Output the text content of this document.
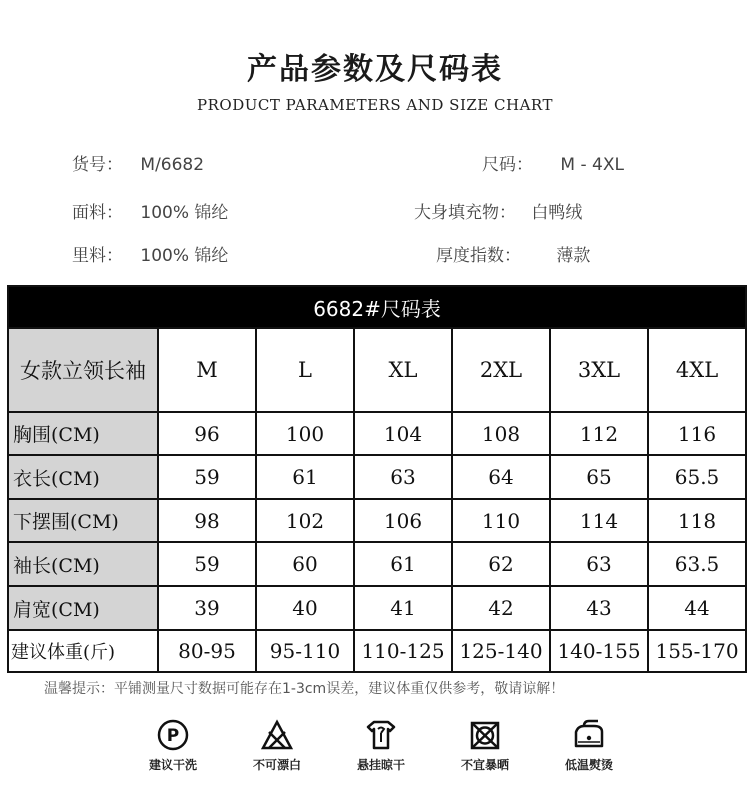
产品参数及尺码表
PRODUCT PARAMETERS AND SIZE CHART
货号： M/6682	尺码： M - 4XL
面料： 100% 锦纶	大身填充物： 白鸭绒
里料： 100% 锦纶	厚度指数： 薄款
6682#尺码表						
女款立领长袖	M	L	XL	2XL	3XL	4XL
胸围(CM)	96	100	104	108	112	116
衣长(CM)	59	61	63	64	65	65.5
下摆围(CM)	98	102	106	110	114	118
袖长(CM)	59	60	61	62	63	63.5
肩宽(CM)	39	40	41	42	43	44
建议体重(斤)	80-95	95-110	110-125	125-140	140-155	155-170
温馨提示：平铺测量尺寸数据可能存在1-3cm误差，建议体重仅供参考，敬请谅解！
P
建议干洗	不可漂白	悬挂晾干	不宜暴晒	低温熨烫
